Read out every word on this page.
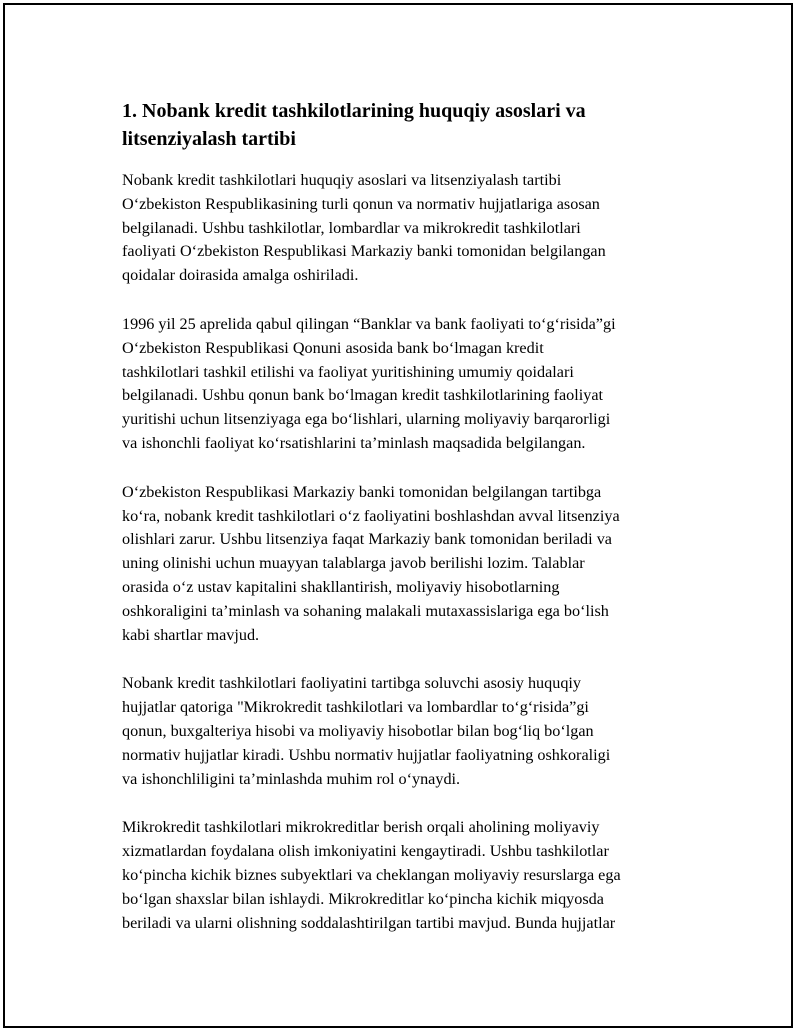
1. Nobank kredit tashkilotlarining huquqiy asoslari va
litsenziyalash tartibi

Nobank kredit tashkilotlari huquqiy asoslari va litsenziyalash tartibi
O‘zbekiston Respublikasining turli qonun va normativ hujjatlariga asosan
belgilanadi. Ushbu tashkilotlar, lombardlar va mikrokredit tashkilotlari
faoliyati O‘zbekiston Respublikasi Markaziy banki tomonidan belgilangan
qoidalar doirasida amalga oshiriladi.

1996 yil 25 aprelida qabul qilingan “Banklar va bank faoliyati to‘g‘risida”gi
O‘zbekiston Respublikasi Qonuni asosida bank bo‘lmagan kredit
tashkilotlari tashkil etilishi va faoliyat yuritishining umumiy qoidalari
belgilanadi. Ushbu qonun bank bo‘lmagan kredit tashkilotlarining faoliyat
yuritishi uchun litsenziyaga ega bo‘lishlari, ularning moliyaviy barqarorligi
va ishonchli faoliyat ko‘rsatishlarini ta’minlash maqsadida belgilangan.

O‘zbekiston Respublikasi Markaziy banki tomonidan belgilangan tartibga
ko‘ra, nobank kredit tashkilotlari o‘z faoliyatini boshlashdan avval litsenziya
olishlari zarur. Ushbu litsenziya faqat Markaziy bank tomonidan beriladi va
uning olinishi uchun muayyan talablarga javob berilishi lozim. Talablar
orasida o‘z ustav kapitalini shakllantirish, moliyaviy hisobotlarning
oshkoraligini ta’minlash va sohaning malakali mutaxassislariga ega bo‘lish
kabi shartlar mavjud.

Nobank kredit tashkilotlari faoliyatini tartibga soluvchi asosiy huquqiy
hujjatlar qatoriga "Mikrokredit tashkilotlari va lombardlar to‘g‘risida”gi
qonun, buxgalteriya hisobi va moliyaviy hisobotlar bilan bog‘liq bo‘lgan
normativ hujjatlar kiradi. Ushbu normativ hujjatlar faoliyatning oshkoraligi
va ishonchliligini ta’minlashda muhim rol o‘ynaydi.

Mikrokredit tashkilotlari mikrokreditlar berish orqali aholining moliyaviy
xizmatlardan foydalana olish imkoniyatini kengaytiradi. Ushbu tashkilotlar
ko‘pincha kichik biznes subyektlari va cheklangan moliyaviy resurslarga ega
bo‘lgan shaxslar bilan ishlaydi. Mikrokreditlar ko‘pincha kichik miqyosda
beriladi va ularni olishning soddalashtirilgan tartibi mavjud. Bunda hujjatlar
